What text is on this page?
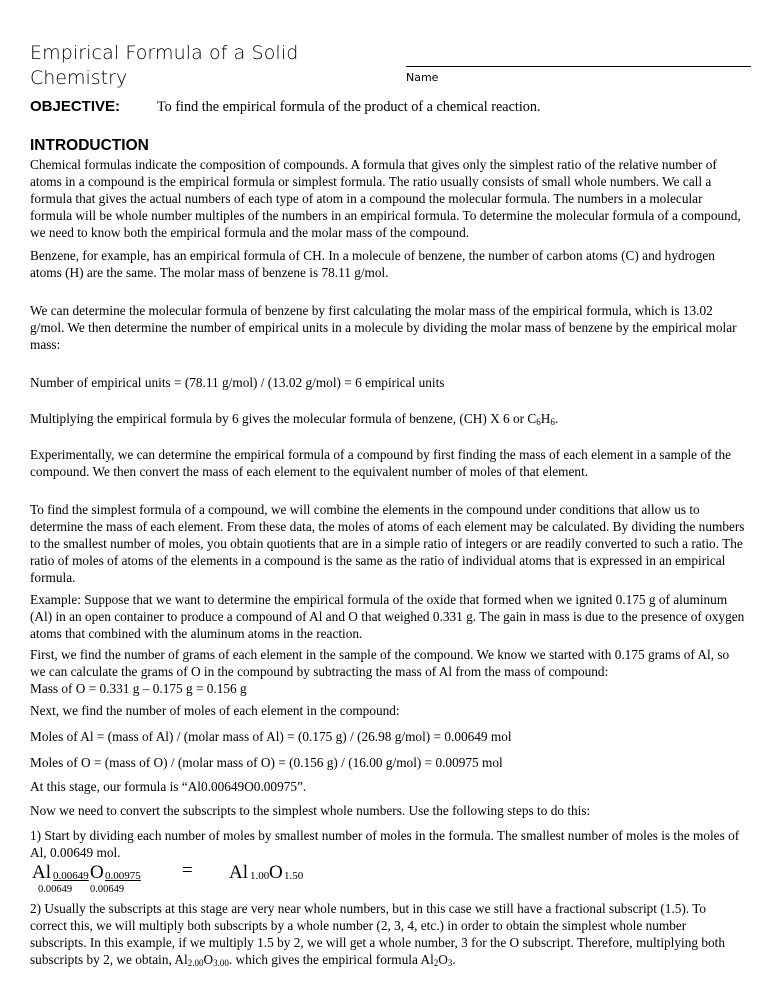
Empirical Formula of a Solid
Chemistry	Name
OBJECTIVE:	To find the empirical formula of the product of a chemical reaction.
INTRODUCTION

Chemical formulas indicate the composition of compounds. A formula that gives only the simplest ratio of the relative number of atoms in a compound is the empirical formula or simplest formula. The ratio usually consists of small whole numbers. We call a formula that gives the actual numbers of each type of atom in a compound the molecular formula. The numbers in a molecular formula will be whole number multiples of the numbers in an empirical formula. To determine the molecular formula of a compound, we need to know both the empirical formula and the molar mass of the compound.

Benzene, for example, has an empirical formula of CH. In a molecule of benzene, the number of carbon atoms (C) and hydrogen atoms (H) are the same. The molar mass of benzene is 78.11 g/mol.

We can determine the molecular formula of benzene by first calculating the molar mass of the empirical formula, which is 13.02 g/mol. We then determine the number of empirical units in a molecule by dividing the molar mass of benzene by the empirical molar mass:

Number of empirical units = (78.11 g/mol) / (13.02 g/mol) = 6 empirical units

Multiplying the empirical formula by 6 gives the molecular formula of benzene, (CH) X 6 or $C_6H_6$.

Experimentally, we can determine the empirical formula of a compound by first finding the mass of each element in a sample of the compound. We then convert the mass of each element to the equivalent number of moles of that element.

To find the simplest formula of a compound, we will combine the elements in the compound under conditions that allow us to determine the mass of each element. From these data, the moles of atoms of each element may be calculated. By dividing the numbers to the smallest number of moles, you obtain quotients that are in a simple ratio of integers or are readily converted to such a ratio. The ratio of moles of atoms of the elements in a compound is the same as the ratio of individual atoms that is expressed in an empirical formula.

Example: Suppose that we want to determine the empirical formula of the oxide that formed when we ignited 0.175 g of aluminum (Al) in an open container to produce a compound of Al and O that weighed 0.331 g. The gain in mass is due to the presence of oxygen atoms that combined with the aluminum atoms in the reaction.

First, we find the number of grams of each element in the sample of the compound. We know we started with 0.175 grams of Al, so we can calculate the grams of O in the compound by subtracting the mass of Al from the mass of compound:
Mass of O = 0.331 g – 0.175 g = 0.156 g

Next, we find the number of moles of each element in the compound:

Moles of Al = (mass of Al) / (molar mass of Al) = (0.175 g) / (26.98 g/mol) = 0.00649 mol

Moles of O = (mass of O) / (molar mass of O) = (0.156 g) / (16.00 g/mol) = 0.00975 mol

At this stage, our formula is “Al0.00649O0.00975”.

Now we need to convert the subscripts to the simplest whole numbers. Use the following steps to do this:

1) Start by dividing each number of moles by smallest number of moles in the formula. The smallest number of moles is the moles of Al, 0.00649 mol.

Al 0.00649 O 0.00975
0.00649 0.00649
= Al 1.00 O 1.50

2) Usually the subscripts at this stage are very near whole numbers, but in this case we still have a fractional subscript (1.5). To correct this, we will multiply both subscripts by a whole number (2, 3, 4, etc.) in order to obtain the simplest whole number subscripts. In this example, if we multiply 1.5 by 2, we will get a whole number, 3 for the O subscript. Therefore, multiplying both subscripts by 2, we obtain, $Al_{2.00}O_{3.00}$. which gives the empirical formula $Al_2O_3$.
